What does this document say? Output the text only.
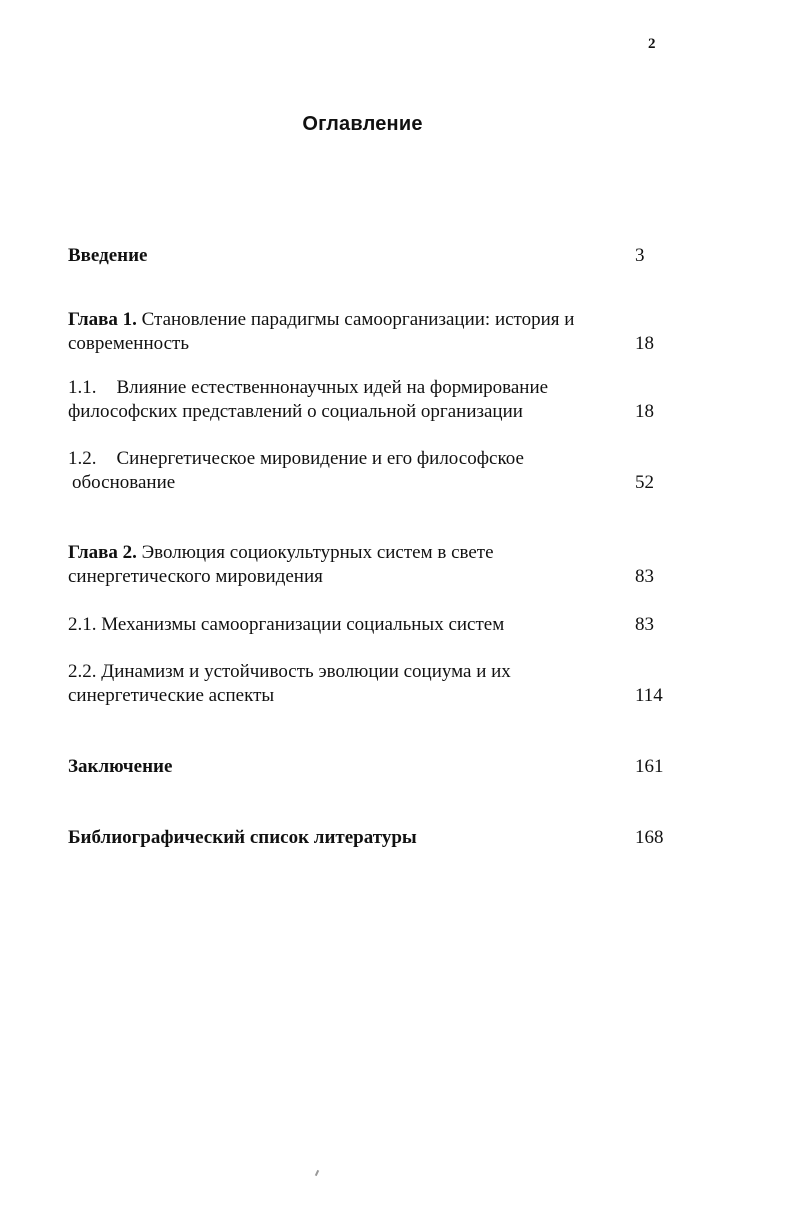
2
Оглавление
Введение	3
Глава 1. Становление парадигмы самоорганизации: история и
современность	18
1.1. Влияние естественнонаучных идей на формирование
философских представлений о социальной организации	18
1.2. Синергетическое мировидение и его философское
обоснование	52
Глава 2. Эволюция социокультурных систем в свете
синергетического мировидения	83
2.1. Механизмы самоорганизации социальных систем	83
2.2. Динамизм и устойчивость эволюции социума и их
синергетические аспекты	114
Заключение	161
Библиографический список литературы	168
